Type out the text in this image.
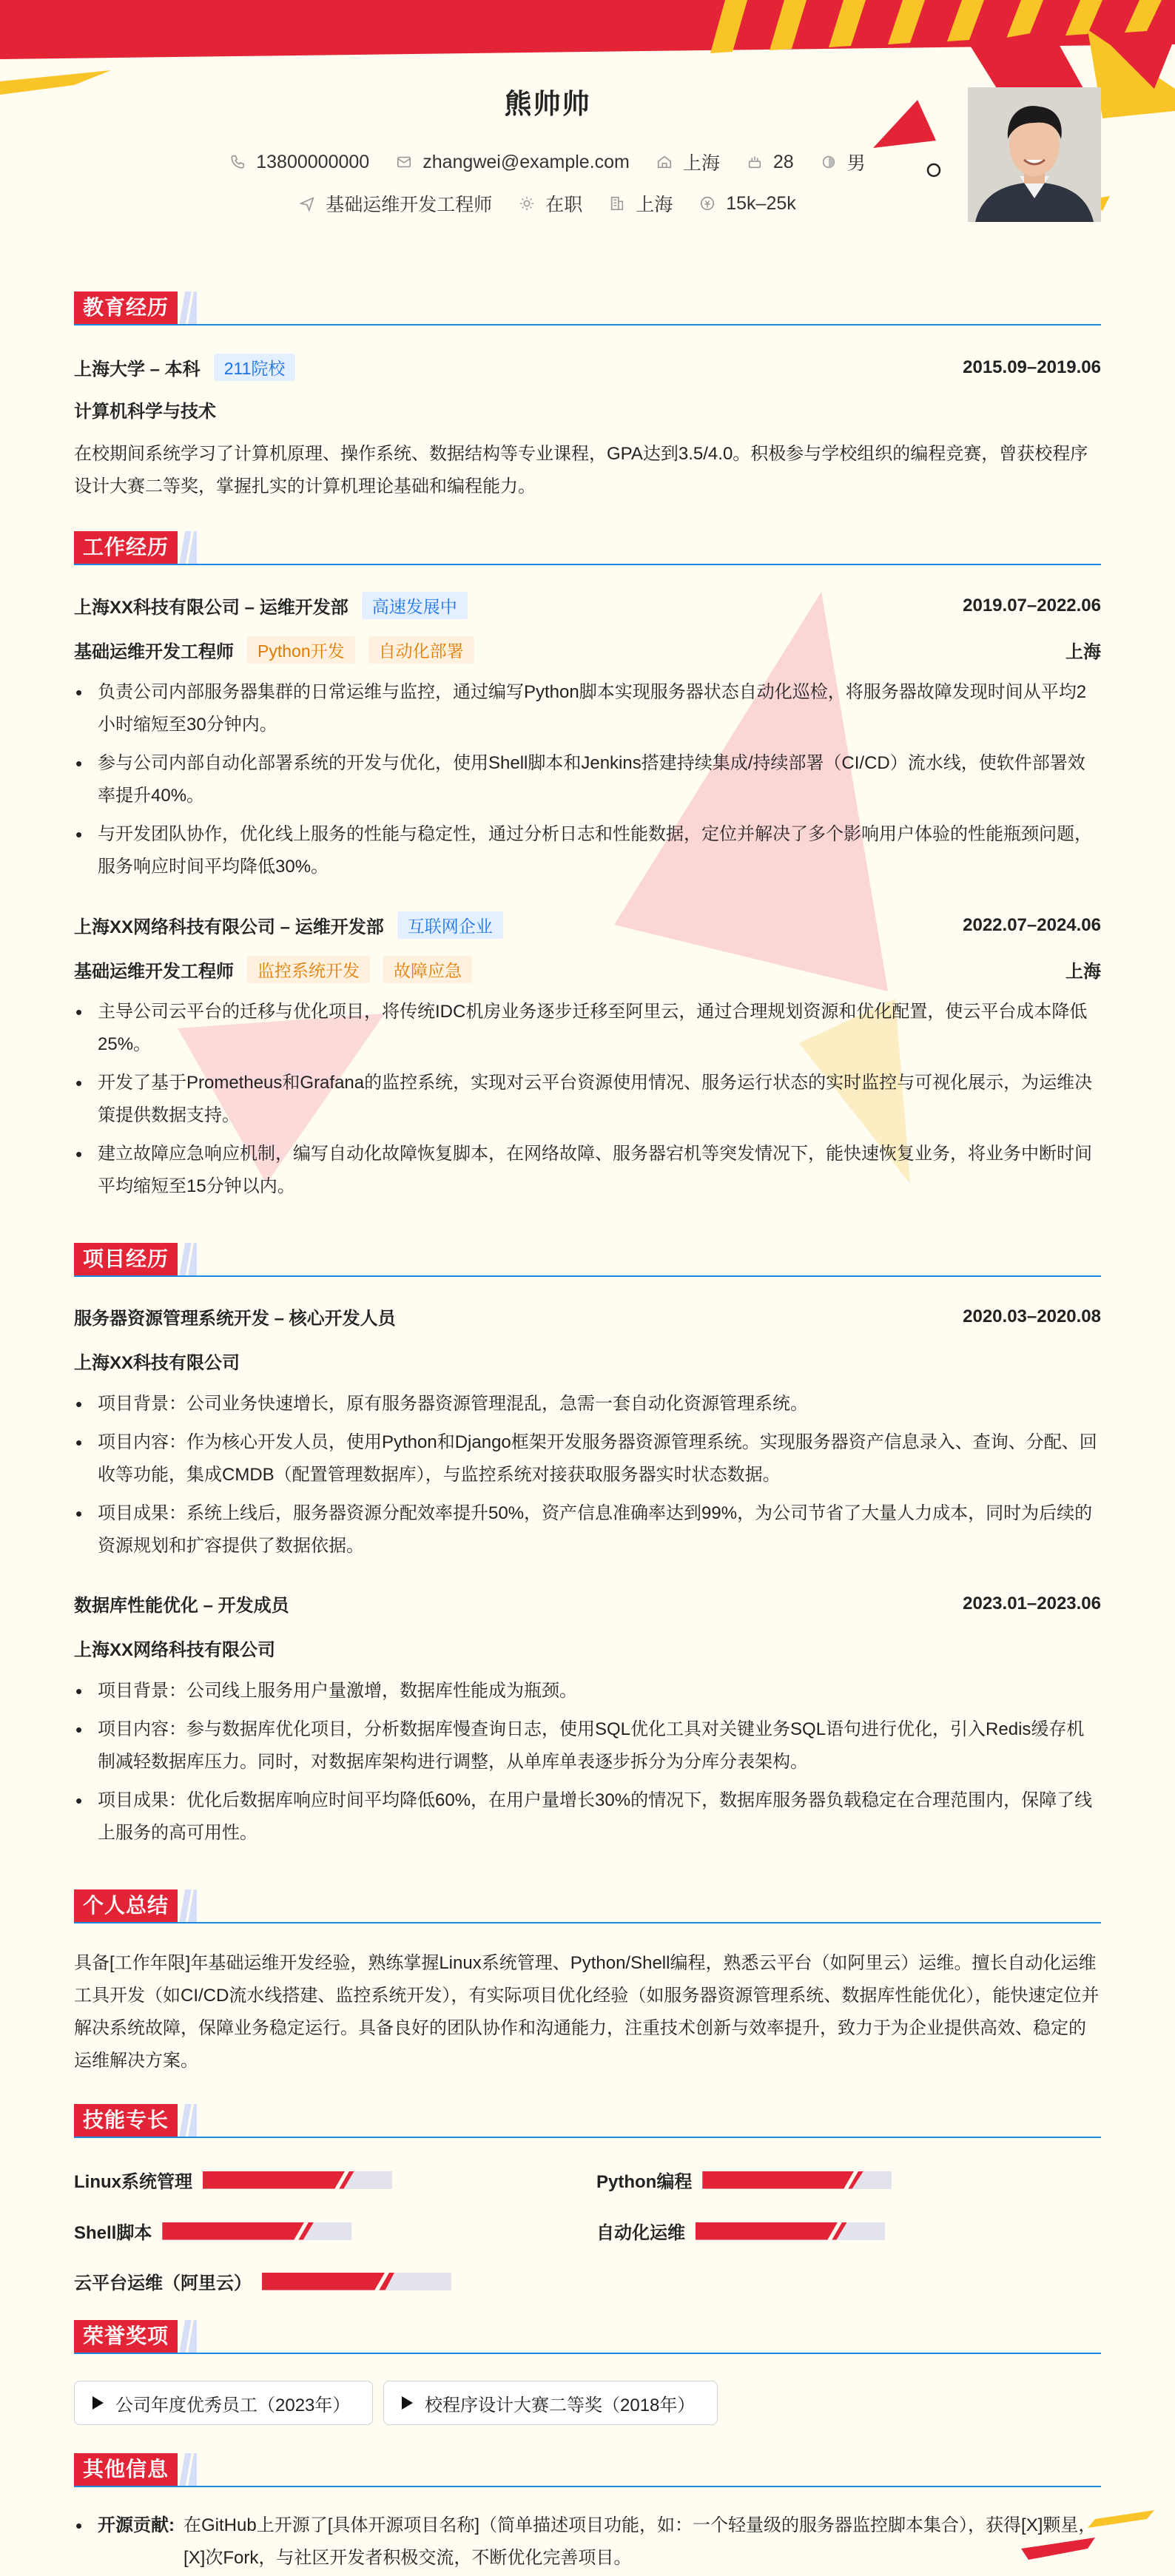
熊帅帅
13800000000	zhangwei@example.com	上海	28	男
基础运维开发工程师	在职	上海	15k–25k
教育经历
上海大学 – 本科	211院校	2015.09–2019.06
计算机科学与技术
在校期间系统学习了计算机原理、操作系统、数据结构等专业课程，GPA达到3.5/4.0。积极参与学校组织的编程竞赛，曾获校程序设计大赛二等奖，掌握扎实的计算机理论基础和编程能力。
工作经历
上海XX科技有限公司 – 运维开发部	高速发展中	2019.07–2022.06
基础运维开发工程师	Python开发	自动化部署	上海
• 负责公司内部服务器集群的日常运维与监控，通过编写Python脚本实现服务器状态自动化巡检，将服务器故障发现时间从平均2小时缩短至30分钟内。
• 参与公司内部自动化部署系统的开发与优化，使用Shell脚本和Jenkins搭建持续集成/持续部署（CI/CD）流水线，使软件部署效率提升40%。
• 与开发团队协作，优化线上服务的性能与稳定性，通过分析日志和性能数据，定位并解决了多个影响用户体验的性能瓶颈问题，服务响应时间平均降低30%。
上海XX网络科技有限公司 – 运维开发部	互联网企业	2022.07–2024.06
基础运维开发工程师	监控系统开发	故障应急	上海
• 主导公司云平台的迁移与优化项目，将传统IDC机房业务逐步迁移至阿里云，通过合理规划资源和优化配置，使云平台成本降低25%。
• 开发了基于Prometheus和Grafana的监控系统，实现对云平台资源使用情况、服务运行状态的实时监控与可视化展示，为运维决策提供数据支持。
• 建立故障应急响应机制，编写自动化故障恢复脚本，在网络故障、服务器宕机等突发情况下，能快速恢复业务，将业务中断时间平均缩短至15分钟以内。
项目经历
服务器资源管理系统开发 – 核心开发人员	2020.03–2020.08
上海XX科技有限公司
• 项目背景：公司业务快速增长，原有服务器资源管理混乱，急需一套自动化资源管理系统。
• 项目内容：作为核心开发人员，使用Python和Django框架开发服务器资源管理系统。实现服务器资产信息录入、查询、分配、回收等功能，集成CMDB（配置管理数据库），与监控系统对接获取服务器实时状态数据。
• 项目成果：系统上线后，服务器资源分配效率提升50%，资产信息准确率达到99%，为公司节省了大量人力成本，同时为后续的资源规划和扩容提供了数据依据。
数据库性能优化 – 开发成员	2023.01–2023.06
上海XX网络科技有限公司
• 项目背景：公司线上服务用户量激增，数据库性能成为瓶颈。
• 项目内容：参与数据库优化项目，分析数据库慢查询日志，使用SQL优化工具对关键业务SQL语句进行优化，引入Redis缓存机制减轻数据库压力。同时，对数据库架构进行调整，从单库单表逐步拆分为分库分表架构。
• 项目成果：优化后数据库响应时间平均降低60%，在用户量增长30%的情况下，数据库服务器负载稳定在合理范围内，保障了线上服务的高可用性。
个人总结
具备[工作年限]年基础运维开发经验，熟练掌握Linux系统管理、Python/Shell编程，熟悉云平台（如阿里云）运维。擅长自动化运维工具开发（如CI/CD流水线搭建、监控系统开发），有实际项目优化经验（如服务器资源管理系统、数据库性能优化），能快速定位并解决系统故障，保障业务稳定运行。具备良好的团队协作和沟通能力，注重技术创新与效率提升，致力于为企业提供高效、稳定的运维解决方案。
技能专长
Linux系统管理	Python编程
Shell脚本	自动化运维
云平台运维（阿里云）
荣誉奖项
公司年度优秀员工（2023年）	校程序设计大赛二等奖（2018年）
其他信息
• 开源贡献: 在GitHub上开源了[具体开源项目名称]（简单描述项目功能，如：一个轻量级的服务器监控脚本集合），获得[X]颗星，[X]次Fork，与社区开发者积极交流，不断优化完善项目。
